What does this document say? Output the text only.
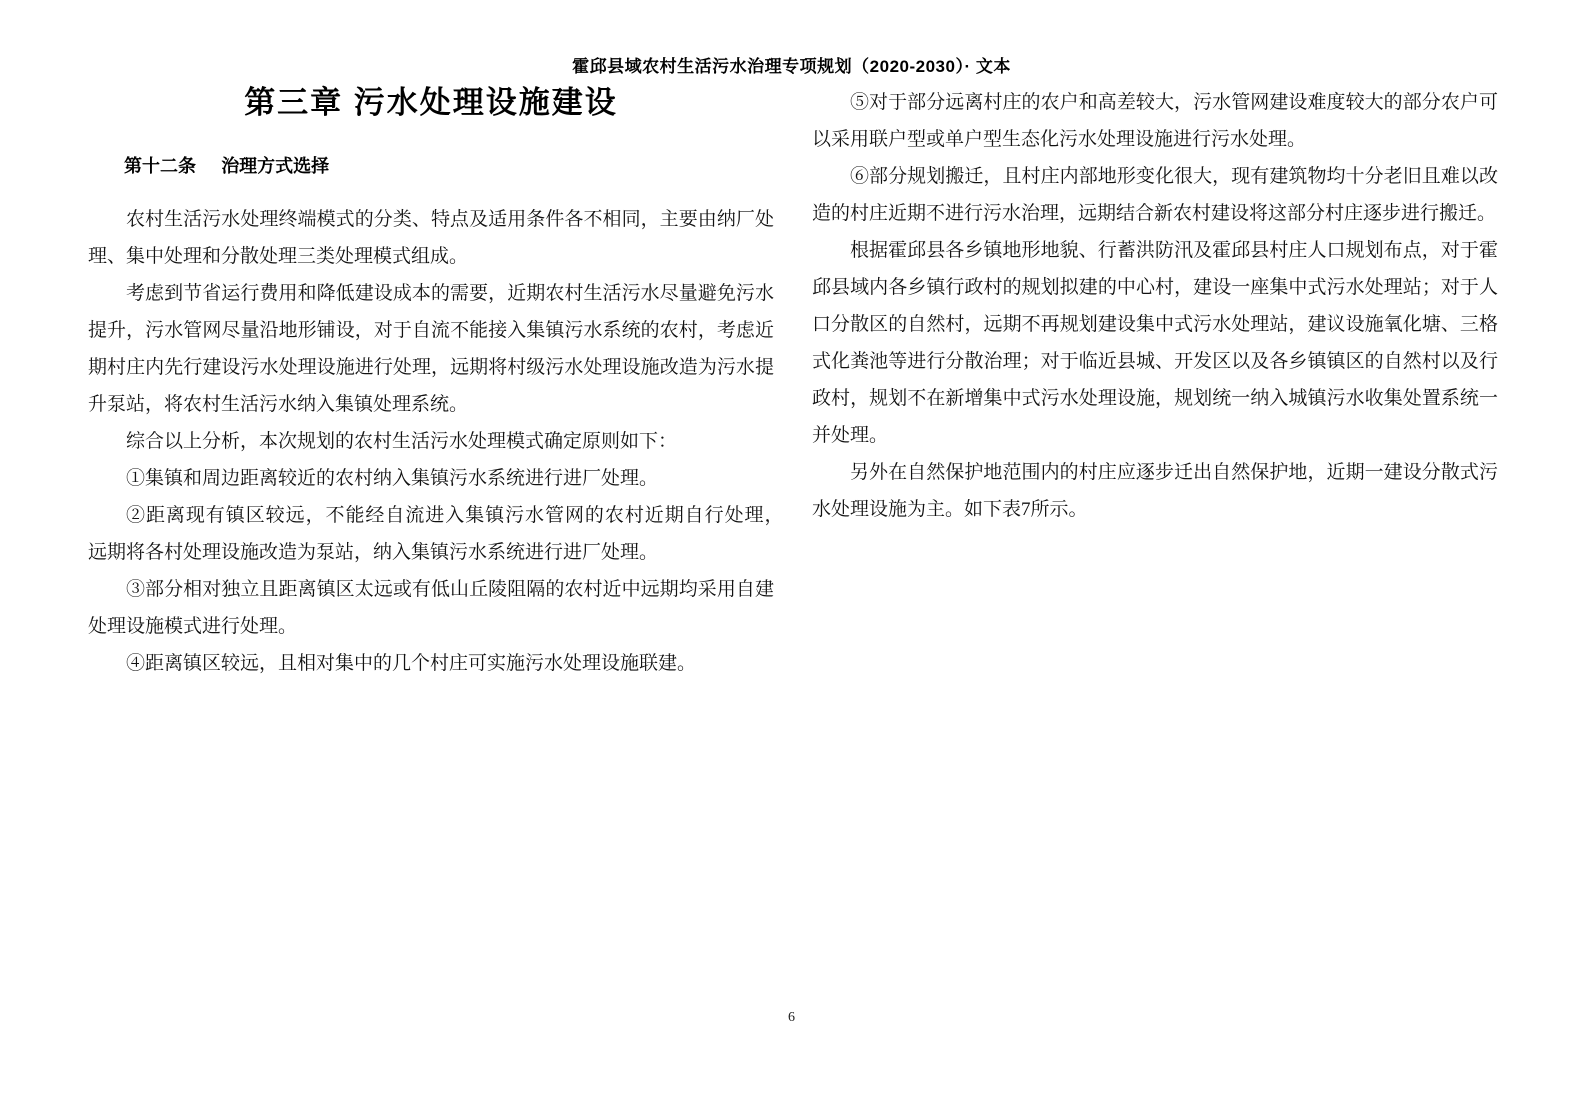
霍邱县域农村生活污水治理专项规划（2020-2030）· 文本
第三章 污水处理设施建设
第十二条 治理方式选择

农村生活污水处理终端模式的分类、特点及适用条件各不相同，主要由纳厂处理、集中处理和分散处理三类处理模式组成。

考虑到节省运行费用和降低建设成本的需要，近期农村生活污水尽量避免污水提升，污水管网尽量沿地形铺设，对于自流不能接入集镇污水系统的农村，考虑近期村庄内先行建设污水处理设施进行处理，远期将村级污水处理设施改造为污水提升泵站，将农村生活污水纳入集镇处理系统。

综合以上分析，本次规划的农村生活污水处理模式确定原则如下：

①集镇和周边距离较近的农村纳入集镇污水系统进行进厂处理。

②距离现有镇区较远，不能经自流进入集镇污水管网的农村近期自行处理，　远期将各村处理设施改造为泵站，纳入集镇污水系统进行进厂处理。

③部分相对独立且距离镇区太远或有低山丘陵阻隔的农村近中远期均采用自建处理设施模式进行处理。

④距离镇区较远，且相对集中的几个村庄可实施污水处理设施联建。

⑤对于部分远离村庄的农户和高差较大，污水管网建设难度较大的部分农户可以采用联户型或单户型生态化污水处理设施进行污水处理。

⑥部分规划搬迁，且村庄内部地形变化很大，现有建筑物均十分老旧且难以改造的村庄近期不进行污水治理，远期结合新农村建设将这部分村庄逐步进行搬迁。

根据霍邱县各乡镇地形地貌、行蓄洪防汛及霍邱县村庄人口规划布点，对于霍邱县域内各乡镇行政村的规划拟建的中心村，建设一座集中式污水处理站；对于人口分散区的自然村，远期不再规划建设集中式污水处理站，建议设施氧化塘、三格式化粪池等进行分散治理；对于临近县城、开发区以及各乡镇镇区的自然村以及行政村，规划不在新增集中式污水处理设施，规划统一纳入城镇污水收集处置系统一并处理。

另外在自然保护地范围内的村庄应逐步迁出自然保护地，近期一建设分散式污水处理设施为主。如下表7所示。

6
